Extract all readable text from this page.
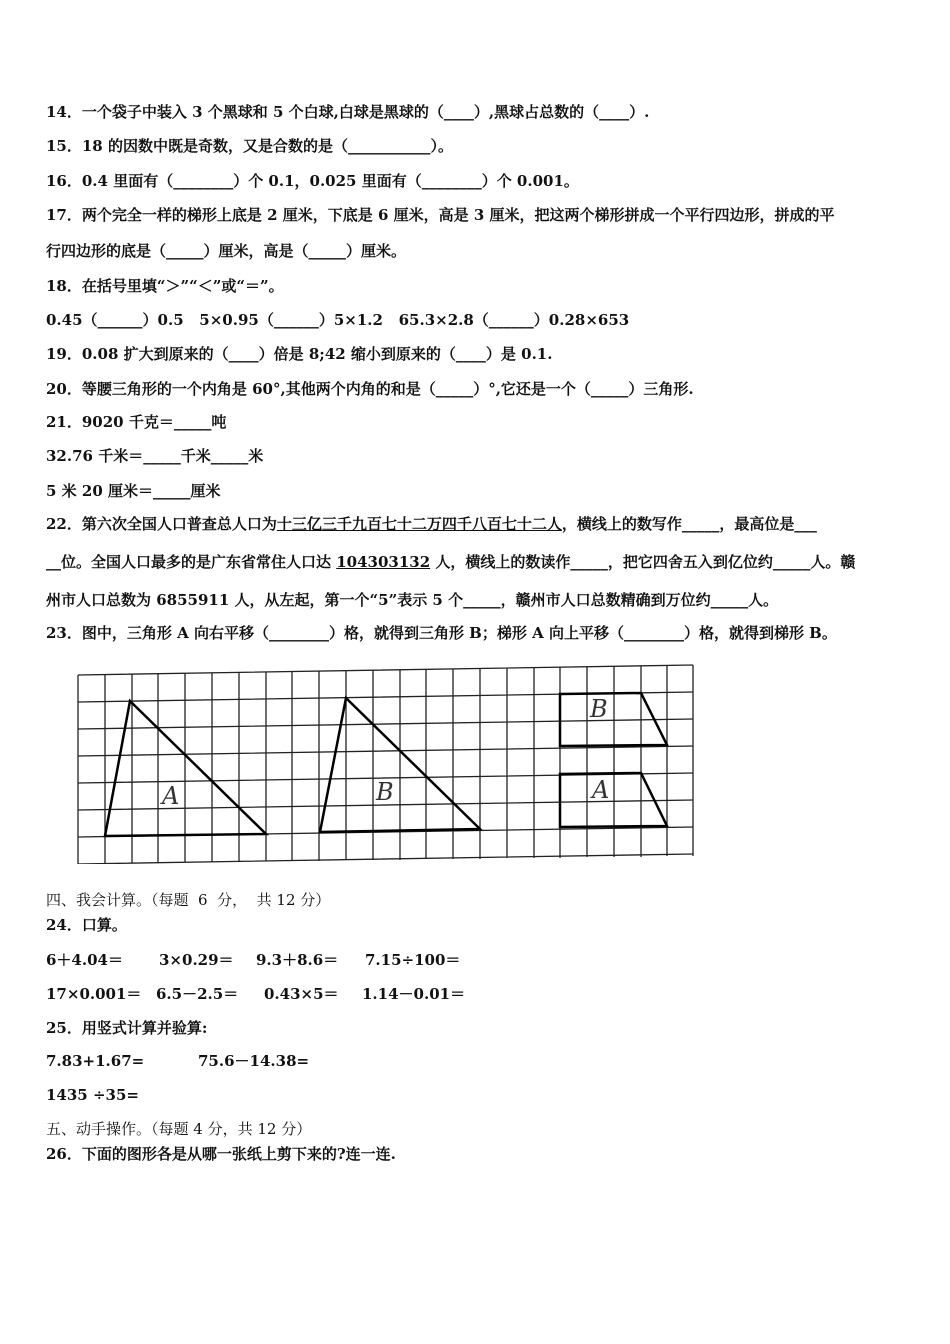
14．一个袋子中装入 3 个黑球和 5 个白球,白球是黑球的（____）,黑球占总数的（____）.
15．18 的因数中既是奇数，又是合数的是（___________）。
16．0.4 里面有（________）个 0.1，0.025 里面有（________）个 0.001。
17．两个完全一样的梯形上底是 2 厘米，下底是 6 厘米，高是 3 厘米，把这两个梯形拼成一个平行四边形，拼成的平
行四边形的底是（_____）厘米，高是（_____）厘米。
18．在括号里填“＞”“＜”或“＝”。
0.45（______）0.5   5×0.95（______）5×1.2   65.3×2.8（______）0.28×653
19．0.08 扩大到原来的（____）倍是 8;42 缩小到原来的（____）是 0.1.
20．等腰三角形的一个内角是 60°,其他两个内角的和是（_____）°,它还是一个（_____）三角形.
21．9020 千克＝_____吨
32.76 千米＝_____千米_____米
5 米 20 厘米＝_____厘米
22．第六次全国人口普查总人口为十三亿三千九百七十二万四千八百七十二人，横线上的数写作_____，最高位是___
__位。全国人口最多的是广东省常住人口达 104303132 人，横线上的数读作_____，把它四舍五入到亿位约_____人。赣
州市人口总数为 6855911 人，从左起，第一个“5”表示 5 个_____，赣州市人口总数精确到万位约_____人。
23．图中，三角形 A 向右平移（________）格，就得到三角形 B；梯形 A 向上平移（________）格，就得到梯形 B。
A	B
B
A
四、我会计算。（每题  6  分，  共 12 分）
24．口算。
6＋4.04＝ 3×0.29＝ 9.3＋8.6＝ 7.15÷100＝
17×0.001＝ 6.5－2.5＝ 0.43×5＝ 1.14－0.01＝
25．用竖式计算并验算:
7.83+1.67=	75.6－14.38=
1435 ÷35=
五、动手操作。（每题 4 分，共 12 分）
26．下面的图形各是从哪一张纸上剪下来的?连一连.
